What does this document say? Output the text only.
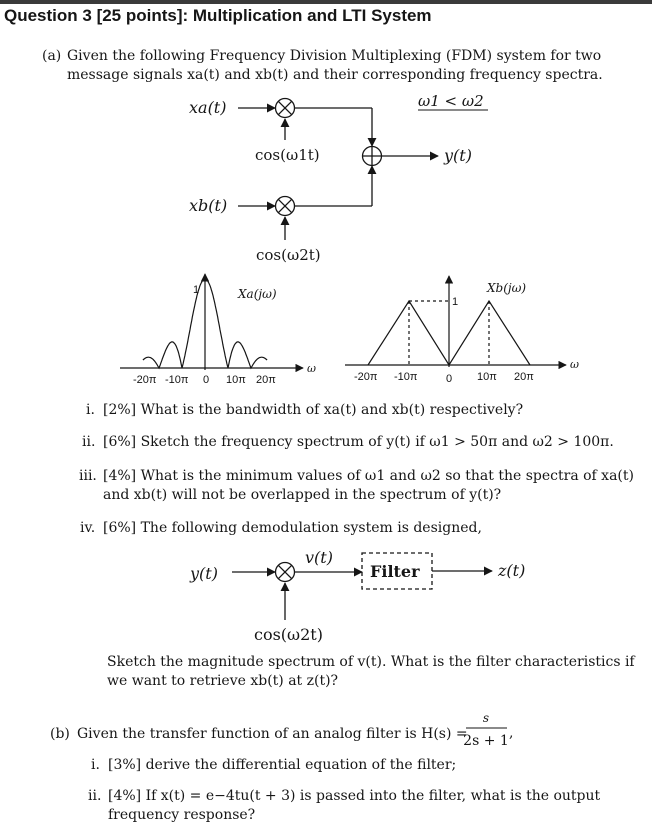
Question 3 [25 points]: Multiplication and LTI System
(a) Given the following Frequency Division Multiplexing (FDM) system for two
message signals xa(t) and xb(t) and their corresponding frequency spectra.
xa(t)
xb(t)
ω1 < ω2
cos(ω1t)
cos(ω2t)
y(t)
1	Xa(jω)
ω
-20π -10π 0 10π 20π
1
Xb(jω)
ω
-20π -10π	0 10π 20π
y(t)
v(t)
Filter	z(t)
cos(ω2t)
s
2s + 1 ,
i. [2%] What is the bandwidth of xa(t) and xb(t) respectively?
ii. [6%] Sketch the frequency spectrum of y(t) if ω1 > 50π and ω2 > 100π.
iii. [4%] What is the minimum values of ω1 and ω2 so that the spectra of xa(t)
and xb(t) will not be overlapped in the spectrum of y(t)?
iv. [6%] The following demodulation system is designed,
Sketch the magnitude spectrum of v(t). What is the filter characteristics if
we want to retrieve xb(t) at z(t)?
(b) Given the transfer function of an analog filter is H(s) =
i. [3%] derive the differential equation of the filter;
ii. [4%] If x(t) = e−4tu(t + 3) is passed into the filter, what is the output
frequency response?
